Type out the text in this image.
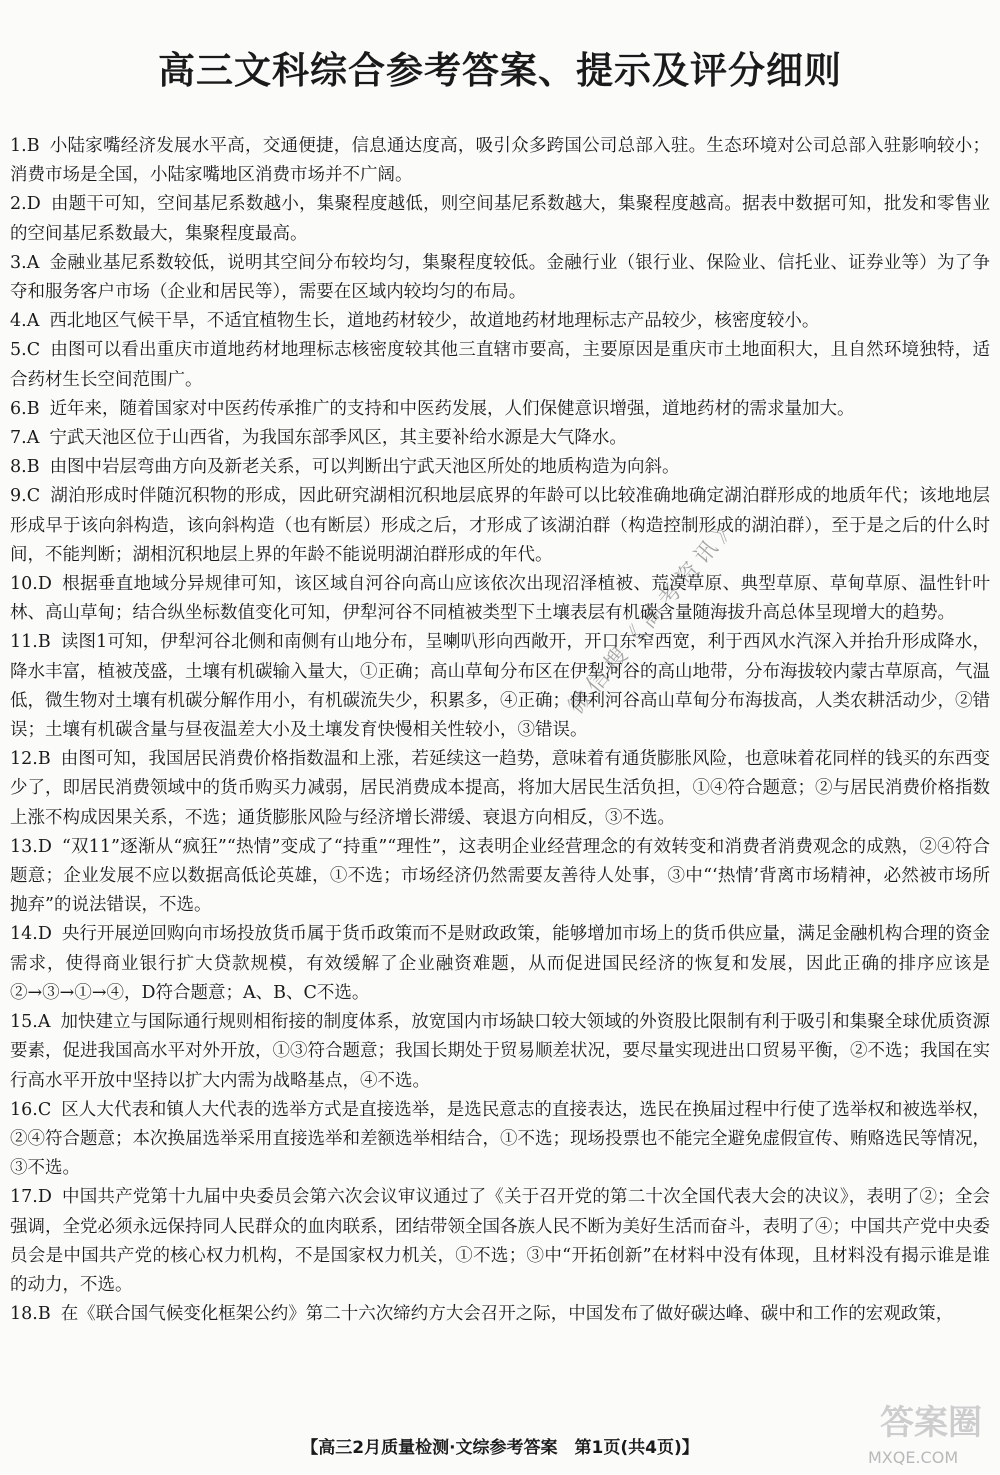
高三文科综合参考答案、提示及评分细则

1.B 小陆家嘴经济发展水平高，交通便捷，信息通达度高，吸引众多跨国公司总部入驻。生态环境对公司总部入驻影响较小；消费市场是全国，小陆家嘴地区消费市场并不广阔。

2.D 由题干可知，空间基尼系数越小，集聚程度越低，则空间基尼系数越大，集聚程度越高。据表中数据可知，批发和零售业的空间基尼系数最大，集聚程度最高。

3.A 金融业基尼系数较低，说明其空间分布较均匀，集聚程度较低。金融行业（银行业、保险业、信托业、证券业等）为了争夺和服务客户市场（企业和居民等），需要在区域内较均匀的布局。

4.A 西北地区气候干旱，不适宜植物生长，道地药材较少，故道地药材地理标志产品较少，核密度较小。

5.C 由图可以看出重庆市道地药材地理标志核密度较其他三直辖市要高，主要原因是重庆市土地面积大，且自然环境独特，适合药材生长空间范围广。

6.B 近年来，随着国家对中医药传承推广的支持和中医药发展，人们保健意识增强，道地药材的需求量加大。

7.A 宁武天池区位于山西省，为我国东部季风区，其主要补给水源是大气降水。

8.B 由图中岩层弯曲方向及新老关系，可以判断出宁武天池区所处的地质构造为向斜。

9.C 湖泊形成时伴随沉积物的形成，因此研究湖相沉积地层底界的年龄可以比较准确地确定湖泊群形成的地质年代；该地地层形成早于该向斜构造，该向斜构造（也有断层）形成之后，才形成了该湖泊群（构造控制形成的湖泊群），至于是之后的什么时间，不能判断；湖相沉积地层上界的年龄不能说明湖泊群形成的年代。

10.D 根据垂直地域分异规律可知，该区域自河谷向高山应该依次出现沼泽植被、荒漠草原、典型草原、草甸草原、温性针叶林、高山草甸；结合纵坐标数值变化可知，伊犁河谷不同植被类型下土壤表层有机碳含量随海拔升高总体呈现增大的趋势。

11.B 读图1可知，伊犁河谷北侧和南侧有山地分布，呈喇叭形向西敞开，开口东窄西宽，利于西风水汽深入并抬升形成降水，降水丰富，植被茂盛，土壤有机碳输入量大，①正确；高山草甸分布区在伊犁河谷的高山地带，分布海拔较内蒙古草原高，气温低，微生物对土壤有机碳分解作用小，有机碳流失少，积累多，④正确；伊利河谷高山草甸分布海拔高，人类农耕活动少，②错误；土壤有机碳含量与昼夜温差大小及土壤发育快慢相关性较小，③错误。

12.B 由图可知，我国居民消费价格指数温和上涨，若延续这一趋势，意味着有通货膨胀风险，也意味着花同样的钱买的东西变少了，即居民消费领域中的货币购买力减弱，居民消费成本提高，将加大居民生活负担，①④符合题意；②与居民消费价格指数上涨不构成因果关系，不选；通货膨胀风险与经济增长滞缓、衰退方向相反，③不选。

13.D “双11”逐渐从“疯狂”“热情”变成了“持重”“理性”，这表明企业经营理念的有效转变和消费者消费观念的成熟，②④符合题意；企业发展不应以数据高低论英雄，①不选；市场经济仍然需要友善待人处事，③中“‘热情’背离市场精神，必然被市场所抛弃”的说法错误，不选。

14.D 央行开展逆回购向市场投放货币属于货币政策而不是财政政策，能够增加市场上的货币供应量，满足金融机构合理的资金需求，使得商业银行扩大贷款规模，有效缓解了企业融资难题，从而促进国民经济的恢复和发展，因此正确的排序应该是②→③→①→④，D符合题意；A、B、C不选。

15.A 加快建立与国际通行规则相衔接的制度体系，放宽国内市场缺口较大领域的外资股比限制有利于吸引和集聚全球优质资源要素，促进我国高水平对外开放，①③符合题意；我国长期处于贸易顺差状况，要尽量实现进出口贸易平衡，②不选；我国在实行高水平开放中坚持以扩大内需为战略基点，④不选。

16.C 区人大代表和镇人大代表的选举方式是直接选举，是选民意志的直接表达，选民在换届过程中行使了选举权和被选举权，②④符合题意；本次换届选举采用直接选举和差额选举相结合，①不选；现场投票也不能完全避免虚假宣传、贿赂选民等情况，③不选。

17.D 中国共产党第十九届中央委员会第六次会议审议通过了《关于召开党的第二十次全国代表大会的决议》，表明了②；全会强调，全党必须永远保持同人民群众的血肉联系，团结带领全国各族人民不断为美好生活而奋斗，表明了④；中国共产党中央委员会是中国共产党的核心权力机构，不是国家权力机关，①不选；③中“开拓创新”在材料中没有体现，且材料没有揭示谁是谁的动力，不选。

18.B 在《联合国气候变化框架公约》第二十六次缔约方大会召开之际，中国发布了做好碳达峰、碳中和工作的宏观政策，

微信搜《高考资讯》
答案圈
MXQE.COM
【高三2月质量检测·文综参考答案　第1页(共4页)】
